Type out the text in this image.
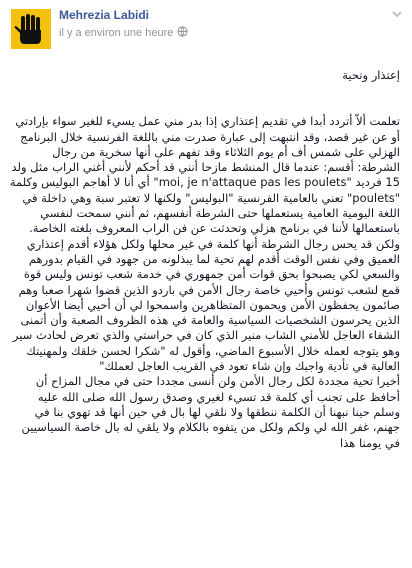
Mehrezia Labidi
il y a environ une heure

إعتذار وتحية

تعلمت ألاّ أتردد أبدا في تقديم إعتذاري إذا بدر مني عمل يسيء للغير سواء بإرادتي أو عن غير قصد، وقد انتبهت إلى عبارة صدرت مني باللغة الفرنسية خلال البرنامج الهزلي على شمس أف أم يوم الثلاثاء وقد تفهم على أنها سخرية من رجال الشرطة: أقسم: عندما قال المنشط مازحا أنني قد أحكم لأنني أغني الراب مثل ولد 15 فرديد "moi, je n'attaque pas les poulets" أي أنا لا أهاجم البوليس وكلمة "poulets" تعني بالعامية الفرنسية "البوليس" ولكنها لا تعتبر سبة وهي داخلة في اللغة اليومية العامية يستعملها حتى الشرطة أنفسهم، ثم أنني سمحت لنفسي باستعمالها لأننا في برنامج هزلي وتحدثت عن فن الراب المعروف بلغته الخاصة. ولكن قد يحس رجال الشرطة أنها كلمة في غير محلها ولكل هؤلاء أقدم إعتذاري العميق وفي نفس الوقت أقدم لهم تحية لما يبذلونه من جهود في القيام بدورهم والسعي لكي يصبحوا بحق قوات أمن جمهوري في خدمة شعب تونس وليس قوة قمع لشعب تونس وأحيي خاصة رجال الأمن في باردو الذين قضوا شهرا صعبا وهم صائمون يحفظون الأمن ويحمون المتظاهرين واسمحوا لي أن أحيي أيضا الأعوان الذين يحرسون الشخصيات السياسية والعامة في هذه الظروف الصعبة وأن أتمنى الشفاء العاجل للأمني الشاب منير الذي كان في حراستي والذي تعرض لحادث سير وهو يتوجه لعمله خلال الأسبوع الماضي، وأقول له "شكرا لحسن خلقك ولمهنيتك العالية في تأدية واجبك وإن شاء تعود في القريب العاجل لعملك"

أخيرا تحية مجددة لكل رجال الأمن ولن أنسى مجددا حتى في مجال المزاح أن أحافظ على تجنب أي كلمة قد تسيء لغيري وصدق رسول الله صلى الله عليه وسلم حينا نبهنا أن الكلمة ننطقها ولا نلقي لها بال في حين أنها قد تهوي بنا في جهنم، غفر الله لي ولكم ولكل من يتفوه بالكلام ولا يلقي له بال خاصة السياسيين في يومنا هذا
